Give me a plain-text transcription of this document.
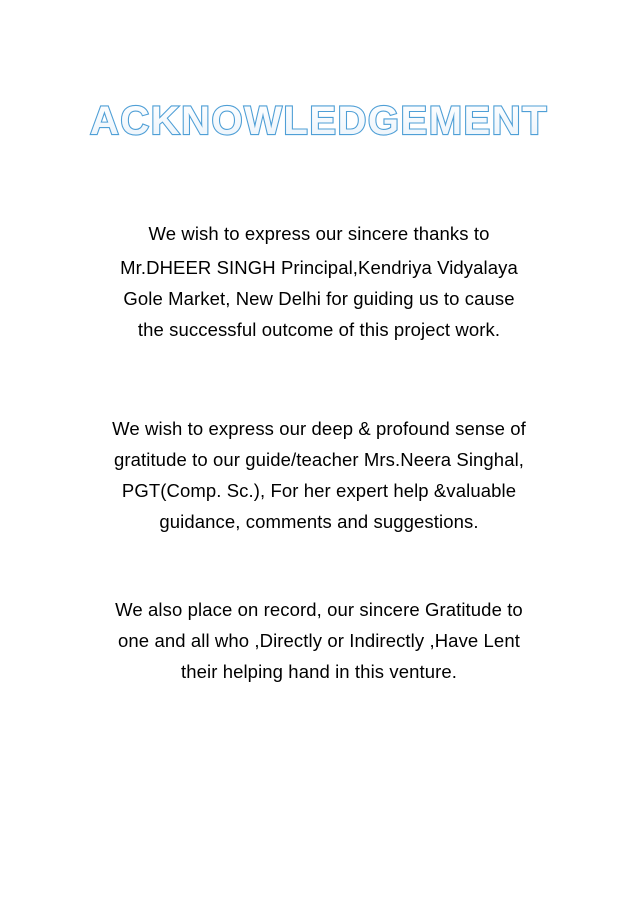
ACKNOWLEDGEMENT

We wish to express our sincere thanks to
Mr.DHEER SINGH Principal,Kendriya Vidyalaya
Gole Market, New Delhi for guiding us to cause
the successful outcome of this project work.

We wish to express our deep & profound sense of
gratitude to our guide/teacher Mrs.Neera Singhal,
PGT(Comp. Sc.), For her expert help &valuable
guidance, comments and suggestions.

We also place on record, our sincere Gratitude to
one and all who ,Directly or Indirectly ,Have Lent
their helping hand in this venture.
